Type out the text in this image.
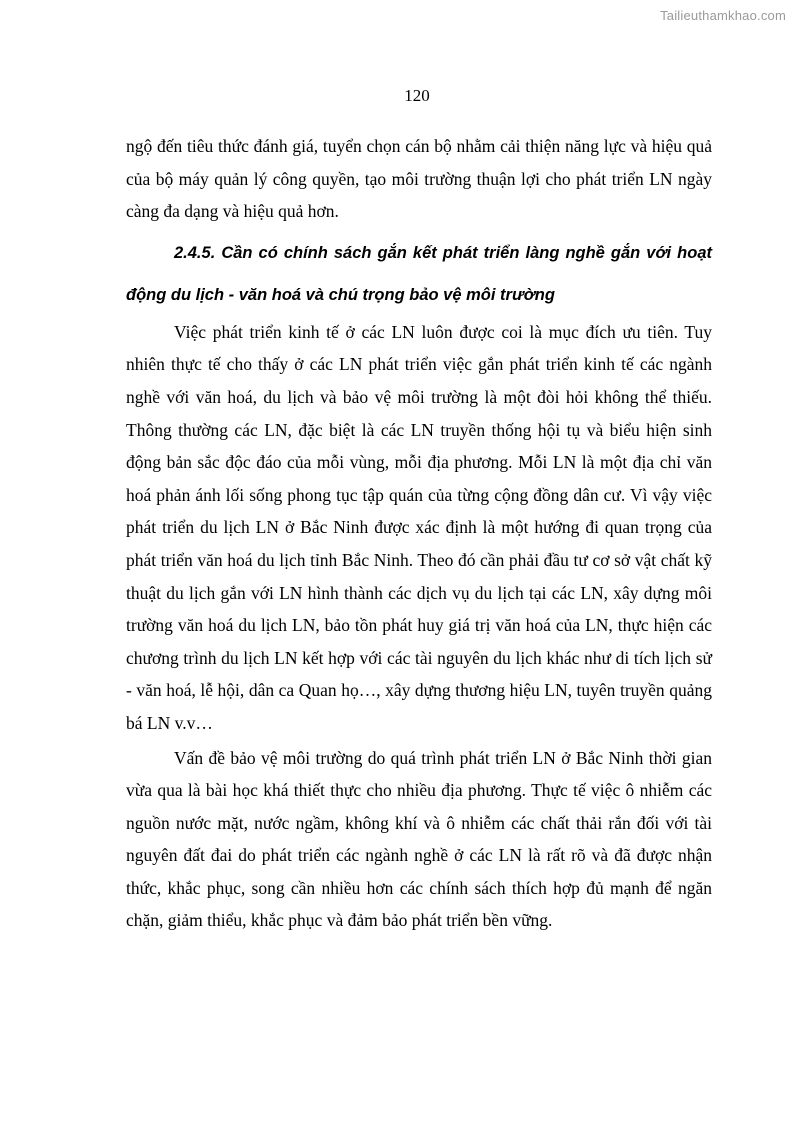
Tailieuthamkhao.com
120

ngộ đến tiêu thức đánh giá, tuyển chọn cán bộ nhằm cải thiện năng lực và hiệu quả của bộ máy quản lý công quyền, tạo môi trường thuận lợi cho phát triển LN ngày càng đa dạng và hiệu quả hơn.

2.4.5. Cần có chính sách gắn kết phát triển làng nghề gắn với hoạt động du lịch - văn hoá và chú trọng bảo vệ môi trường

Việc phát triển kinh tế ở các LN luôn được coi là mục đích ưu tiên. Tuy nhiên thực tế cho thấy ở các LN phát triển việc gắn phát triển kinh tế các ngành nghề với văn hoá, du lịch và bảo vệ môi trường là một đòi hỏi không thể thiếu. Thông thường các LN, đặc biệt là các LN truyền thống hội tụ và biểu hiện sinh động bản sắc độc đáo của mỗi vùng, mỗi địa phương. Mỗi LN là một địa chỉ văn hoá phản ánh lối sống phong tục tập quán của từng cộng đồng dân cư. Vì vậy việc phát triển du lịch LN ở Bắc Ninh được xác định là một hướng đi quan trọng của phát triển văn hoá du lịch tỉnh Bắc Ninh. Theo đó cần phải đầu tư cơ sở vật chất kỹ thuật du lịch gắn với LN hình thành các dịch vụ du lịch tại các LN, xây dựng môi trường văn hoá du lịch LN, bảo tồn phát huy giá trị văn hoá của LN, thực hiện các chương trình du lịch LN kết hợp với các tài nguyên du lịch khác như di tích lịch sử - văn hoá, lễ hội, dân ca Quan họ…, xây dựng thương hiệu LN, tuyên truyền quảng bá LN v.v…

Vấn đề bảo vệ môi trường do quá trình phát triển LN ở Bắc Ninh thời gian vừa qua là bài học khá thiết thực cho nhiều địa phương. Thực tế việc ô nhiễm các nguồn nước mặt, nước ngầm, không khí và ô nhiễm các chất thải rắn đối với tài nguyên đất đai do phát triển các ngành nghề ở các LN là rất rõ và đã được nhận thức, khắc phục, song cần nhiều hơn các chính sách thích hợp đủ mạnh để ngăn chặn, giảm thiểu, khắc phục và đảm bảo phát triển bền vững.
